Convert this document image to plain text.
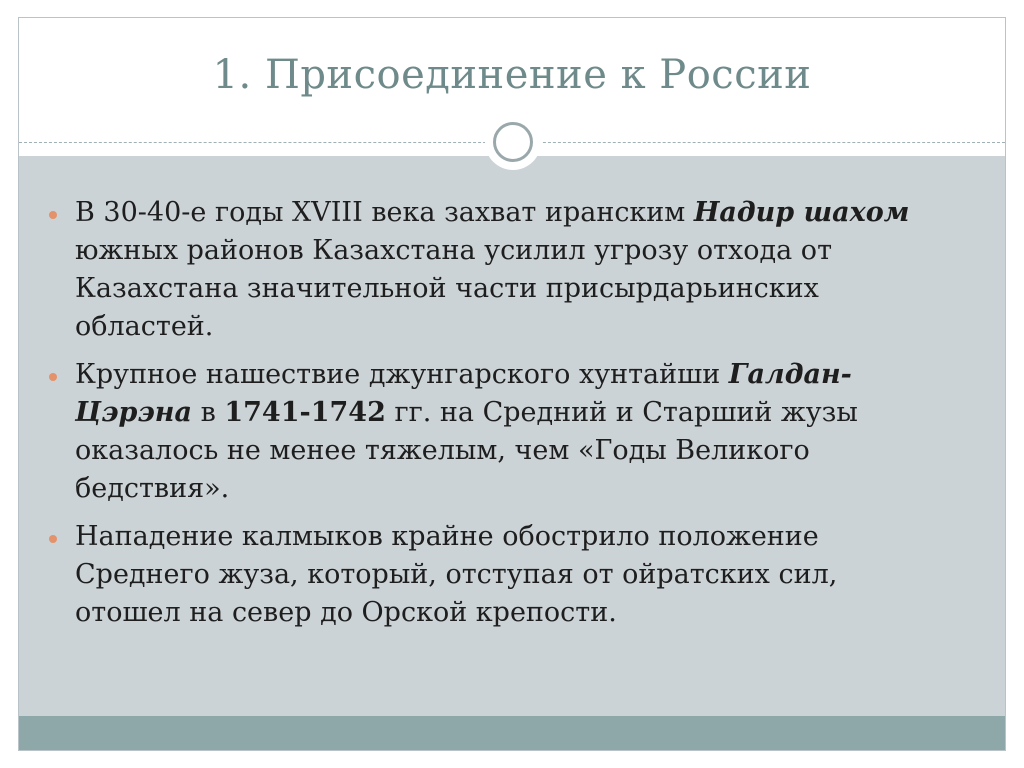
1. Присоединение к России
В 30-40-е годы XVIII века захват иранским Надир шахом южных районов Казахстана усилил угрозу отхода от Казахстана значительной части присырдарьинских областей.
Крупное нашествие джунгарского хунтайши Галдан-Цэрэна в 1741-1742 гг. на Средний и Старший жузы оказалось не менее тяжелым, чем «Годы Великого бедствия».
Нападение калмыков крайне обострило положение Среднего жуза, который, отступая от ойратских сил, отошел на север до Орской крепости.
